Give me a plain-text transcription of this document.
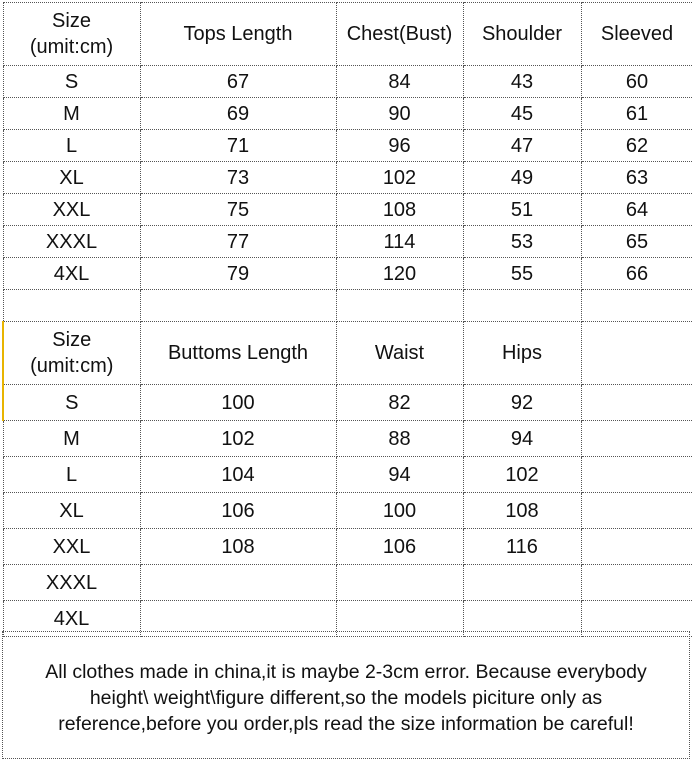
Size
(umit:cm)	Tops Length	Chest(Bust)	Shoulder	Sleeved
S	67	84	43	60
M	69	90	45	61
L	71	96	47	62
XL	73	102	49	63
XXL	75	108	51	64
XXXL	77	114	53	65
4XL	79	120	55	66

Size
(umit:cm)	Buttoms Length	Waist	Hips	
S	100	82	92	
M	102	88	94	
L	104	94	102	
XL	106	100	108	
XXL	108	106	116	
XXXL				
4XL				
All clothes made in china,it is maybe 2-3cm error. Because everybody
height\ weight\figure different,so the models piciture only as
reference,before you order,pls read the size information be careful!
